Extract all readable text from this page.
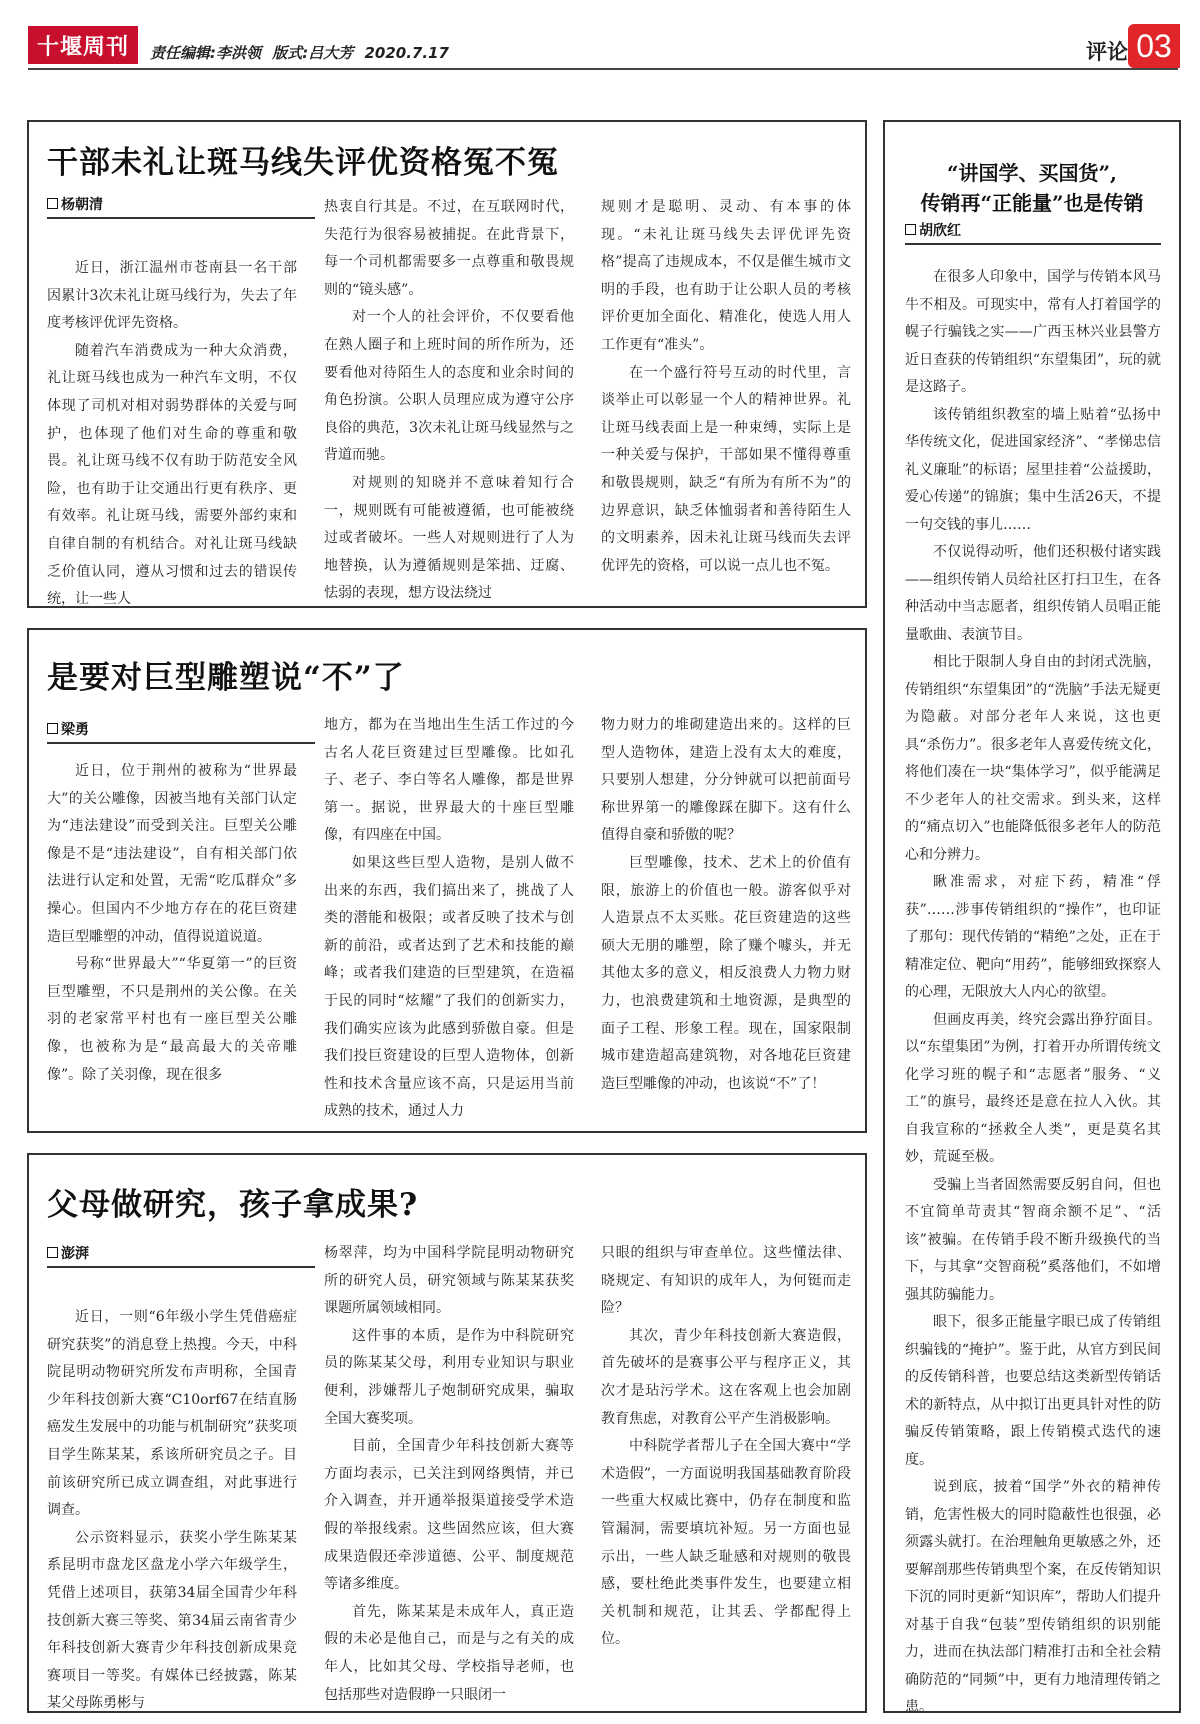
十堰周刊	责任编辑:李洪领 版式:吕大芳 2020.7.17	评论 03
干部未礼让斑马线失评优资格冤不冤
杨朝清

近日，浙江温州市苍南县一名干部因累计3次未礼让斑马线行为，失去了年度考核评优评先资格。

随着汽车消费成为一种大众消费，礼让斑马线也成为一种汽车文明，不仅体现了司机对相对弱势群体的关爱与呵护，也体现了他们对生命的尊重和敬畏。礼让斑马线不仅有助于防范安全风险，也有助于让交通出行更有秩序、更有效率。礼让斑马线，需要外部约束和自律自制的有机结合。对礼让斑马线缺乏价值认同，遵从习惯和过去的错误传统，让一些人

热衷自行其是。不过，在互联网时代，失范行为很容易被捕捉。在此背景下，每一个司机都需要多一点尊重和敬畏规则的“镜头感”。

对一个人的社会评价，不仅要看他在熟人圈子和上班时间的所作所为，还要看他对待陌生人的态度和业余时间的角色扮演。公职人员理应成为遵守公序良俗的典范，3次未礼让斑马线显然与之背道而驰。

对规则的知晓并不意味着知行合一，规则既有可能被遵循，也可能被绕过或者破坏。一些人对规则进行了人为地替换，认为遵循规则是笨拙、迂腐、怯弱的表现，想方设法绕过

规则才是聪明、灵动、有本事的体现。“未礼让斑马线失去评优评先资格”提高了违规成本，不仅是催生城市文明的手段，也有助于让公职人员的考核评价更加全面化、精准化，使选人用人工作更有“准头”。

在一个盛行符号互动的时代里，言谈举止可以彰显一个人的精神世界。礼让斑马线表面上是一种束缚，实际上是一种关爱与保护，干部如果不懂得尊重和敬畏规则，缺乏“有所为有所不为”的边界意识，缺乏体恤弱者和善待陌生人的文明素养，因未礼让斑马线而失去评优评先的资格，可以说一点儿也不冤。

是要对巨型雕塑说“不”了
梁勇

近日，位于荆州的被称为“世界最大”的关公雕像，因被当地有关部门认定为“违法建设”而受到关注。巨型关公雕像是不是“违法建设”，自有相关部门依法进行认定和处置，无需“吃瓜群众”多操心。但国内不少地方存在的花巨资建造巨型雕塑的冲动，值得说道说道。

号称“世界最大”“华夏第一”的巨资巨型雕塑，不只是荆州的关公像。在关羽的老家常平村也有一座巨型关公雕像，也被称为是“最高最大的关帝雕像”。除了关羽像，现在很多

地方，都为在当地出生生活工作过的今古名人花巨资建过巨型雕像。比如孔子、老子、李白等名人雕像，都是世界第一。据说，世界最大的十座巨型雕像，有四座在中国。

如果这些巨型人造物，是别人做不出来的东西，我们搞出来了，挑战了人类的潜能和极限；或者反映了技术与创新的前沿，或者达到了艺术和技能的巅峰；或者我们建造的巨型建筑，在造福于民的同时“炫耀”了我们的创新实力，我们确实应该为此感到骄傲自豪。但是我们投巨资建设的巨型人造物体，创新性和技术含量应该不高，只是运用当前成熟的技术，通过人力

物力财力的堆砌建造出来的。这样的巨型人造物体，建造上没有太大的难度，只要别人想建，分分钟就可以把前面号称世界第一的雕像踩在脚下。这有什么值得自豪和骄傲的呢？

巨型雕像，技术、艺术上的价值有限，旅游上的价值也一般。游客似乎对人造景点不太买账。花巨资建造的这些硕大无朋的雕塑，除了赚个噱头，并无其他太多的意义，相反浪费人力物力财力，也浪费建筑和土地资源，是典型的面子工程、形象工程。现在，国家限制城市建造超高建筑物，对各地花巨资建造巨型雕像的冲动，也该说“不”了！

父母做研究，孩子拿成果?
澎湃

近日，一则“6年级小学生凭借癌症研究获奖”的消息登上热搜。今天，中科院昆明动物研究所发布声明称，全国青少年科技创新大赛“C10orf67在结直肠癌发生发展中的功能与机制研究”获奖项目学生陈某某，系该所研究员之子。目前该研究所已成立调查组，对此事进行调查。

公示资料显示，获奖小学生陈某某系昆明市盘龙区盘龙小学六年级学生，凭借上述项目，获第34届全国青少年科技创新大赛三等奖、第34届云南省青少年科技创新大赛青少年科技创新成果竞赛项目一等奖。有媒体已经披露，陈某某父母陈勇彬与

杨翠萍，均为中国科学院昆明动物研究所的研究人员，研究领域与陈某某获奖课题所属领域相同。

这件事的本质，是作为中科院研究员的陈某某父母，利用专业知识与职业便利，涉嫌帮儿子炮制研究成果，骗取全国大赛奖项。

目前，全国青少年科技创新大赛等方面均表示，已关注到网络舆情，并已介入调查，并开通举报渠道接受学术造假的举报线索。这些固然应该，但大赛成果造假还牵涉道德、公平、制度规范等诸多维度。

首先，陈某某是未成年人，真正造假的未必是他自己，而是与之有关的成年人，比如其父母、学校指导老师，也包括那些对造假睁一只眼闭一

只眼的组织与审查单位。这些懂法律、晓规定、有知识的成年人，为何铤而走险？

其次，青少年科技创新大赛造假，首先破坏的是赛事公平与程序正义，其次才是玷污学术。这在客观上也会加剧教育焦虑，对教育公平产生消极影响。

中科院学者帮儿子在全国大赛中“学术造假”，一方面说明我国基础教育阶段一些重大权威比赛中，仍存在制度和监管漏洞，需要填坑补短。另一方面也显示出，一些人缺乏耻感和对规则的敬畏感，要杜绝此类事件发生，也要建立相关机制和规范，让其丢、学都配得上位。

“讲国学、买国货”,
传销再“正能量”也是传销
胡欣红

在很多人印象中，国学与传销本风马牛不相及。可现实中，常有人打着国学的幌子行骗钱之实——广西玉林兴业县警方近日查获的传销组织“东望集团”，玩的就是这路子。

该传销组织教室的墙上贴着“弘扬中华传统文化，促进国家经济”、“孝悌忠信礼义廉耻”的标语；屋里挂着“公益援助，爱心传递”的锦旗；集中生活26天，不提一句交钱的事儿……

不仅说得动听，他们还积极付诸实践——组织传销人员给社区打扫卫生，在各种活动中当志愿者，组织传销人员唱正能量歌曲、表演节目。

相比于限制人身自由的封闭式洗脑，传销组织“东望集团”的“洗脑”手法无疑更为隐蔽。对部分老年人来说，这也更具“杀伤力”。很多老年人喜爱传统文化，将他们凑在一块“集体学习”，似乎能满足不少老年人的社交需求。到头来，这样的“痛点切入”也能降低很多老年人的防范心和分辨力。

瞅准需求，对症下药，精准“俘获”……涉事传销组织的“操作”，也印证了那句：现代传销的“精绝”之处，正在于精准定位、靶向“用药”，能够细致探察人的心理，无限放大人内心的欲望。

但画皮再美，终究会露出狰狞面目。以“东望集团”为例，打着开办所谓传统文化学习班的幌子和“志愿者”服务、“义工”的旗号，最终还是意在拉人入伙。其自我宣称的“拯救全人类”，更是莫名其妙，荒诞至极。

受骗上当者固然需要反躬自问，但也不宜简单苛责其“智商余额不足”、“活该”被骗。在传销手段不断升级换代的当下，与其拿“交智商税”奚落他们，不如增强其防骗能力。

眼下，很多正能量字眼已成了传销组织骗钱的“掩护”。鉴于此，从官方到民间的反传销科普，也要总结这类新型传销话术的新特点，从中拟订出更具针对性的防骗反传销策略，跟上传销模式迭代的速度。

说到底，披着“国学”外衣的精神传销，危害性极大的同时隐蔽性也很强，必须露头就打。在治理触角更敏感之外，还要解剖那些传销典型个案，在反传销知识下沉的同时更新“知识库”，帮助人们提升对基于自我“包装”型传销组织的识别能力，进而在执法部门精准打击和全社会精确防范的“同频”中，更有力地清理传销之患。
